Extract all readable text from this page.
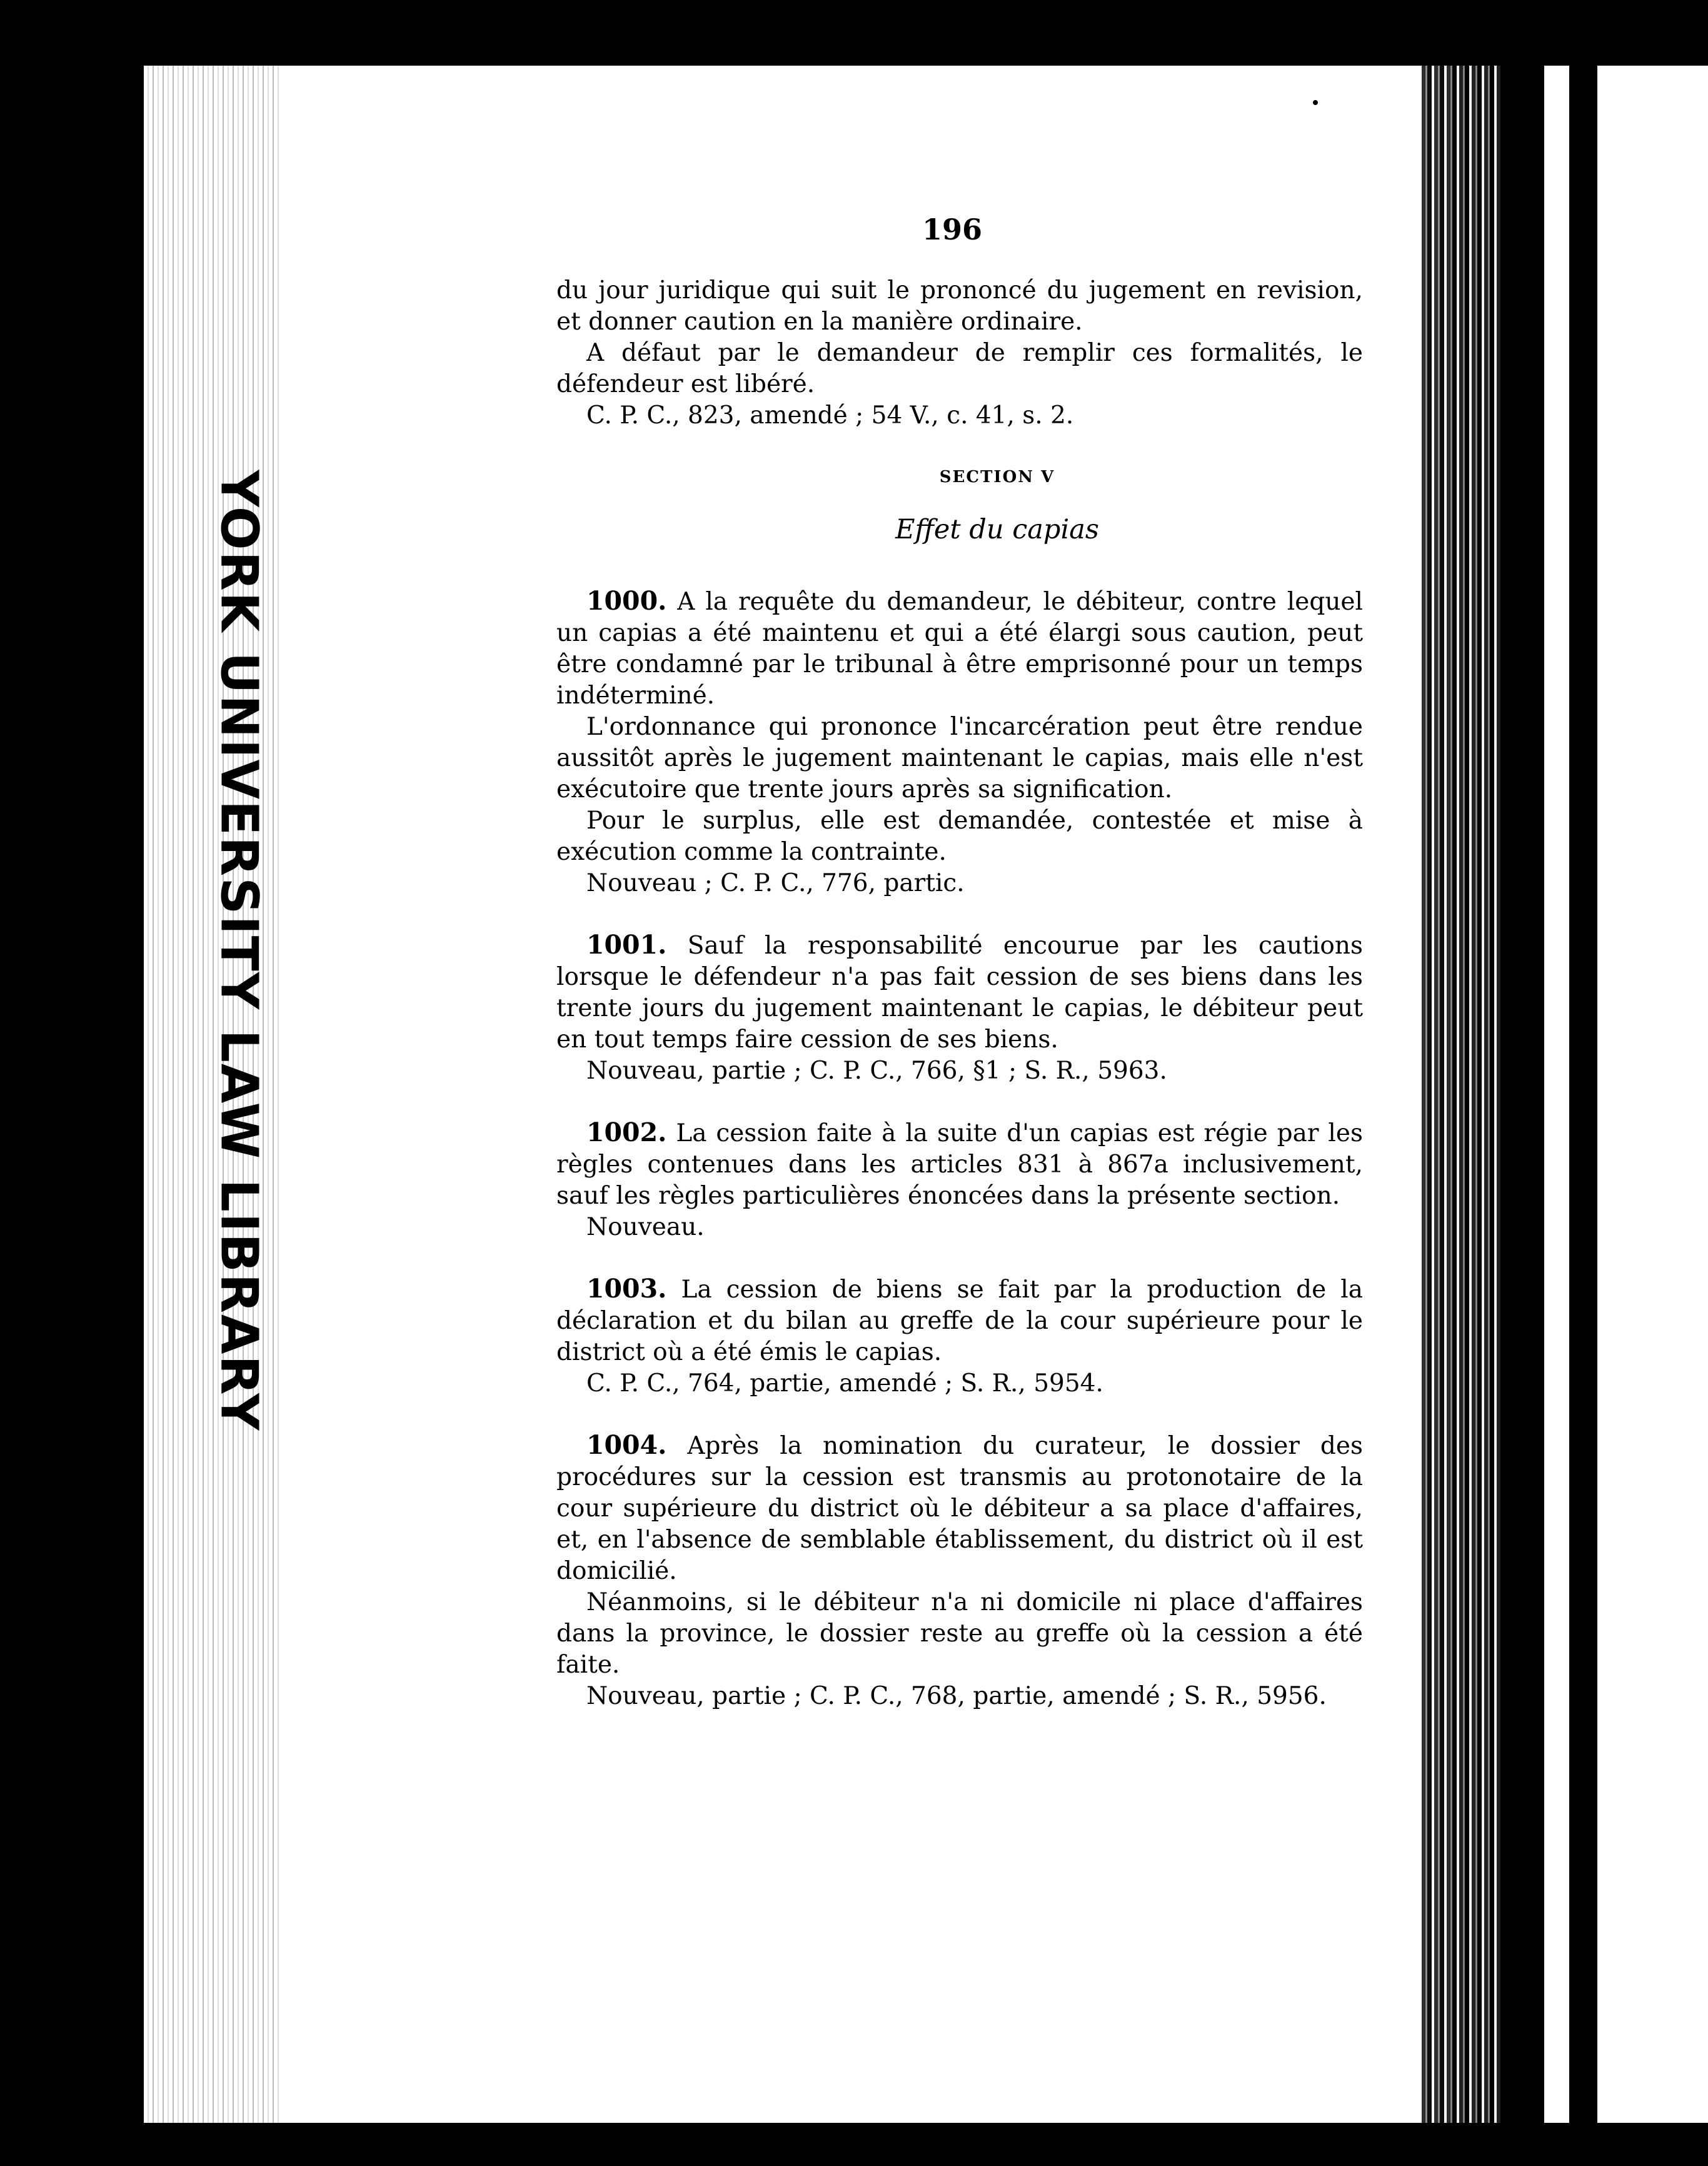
YORK UNIVERSITY LAW LIBRARY
196

du jour juridique qui suit le prononcé du jugement en revision, et donner caution en la manière ordinaire.

A défaut par le demandeur de remplir ces formalités, le défendeur est libéré.

C. P. C., 823, amendé ; 54 V., c. 41, s. 2.

SECTION V
Effet du capias

1000. A la requête du demandeur, le débiteur, contre lequel un capias a été maintenu et qui a été élargi sous caution, peut être condamné par le tribunal à être emprisonné pour un temps indéterminé.

L'ordonnance qui prononce l'incarcération peut être rendue aussitôt après le jugement maintenant le capias, mais elle n'est exécutoire que trente jours après sa signification.

Pour le surplus, elle est demandée, contestée et mise à exécution comme la contrainte.

Nouveau ; C. P. C., 776, partic.

1001. Sauf la responsabilité encourue par les cautions lorsque le défendeur n'a pas fait cession de ses biens dans les trente jours du jugement maintenant le capias, le débiteur peut en tout temps faire cession de ses biens.

Nouveau, partie ; C. P. C., 766, §1 ; S. R., 5963.

1002. La cession faite à la suite d'un capias est régie par les règles contenues dans les articles 831 à 867a inclusivement, sauf les règles particulières énoncées dans la présente section.

Nouveau.

1003. La cession de biens se fait par la production de la déclaration et du bilan au greffe de la cour supérieure pour le district où a été émis le capias.

C. P. C., 764, partie, amendé ; S. R., 5954.

1004. Après la nomination du curateur, le dossier des procédures sur la cession est transmis au protonotaire de la cour supérieure du district où le débiteur a sa place d'affaires, et, en l'absence de semblable établissement, du district où il est domicilié.

Néanmoins, si le débiteur n'a ni domicile ni place d'affaires dans la province, le dossier reste au greffe où la cession a été faite.

Nouveau, partie ; C. P. C., 768, partie, amendé ; S. R., 5956.
